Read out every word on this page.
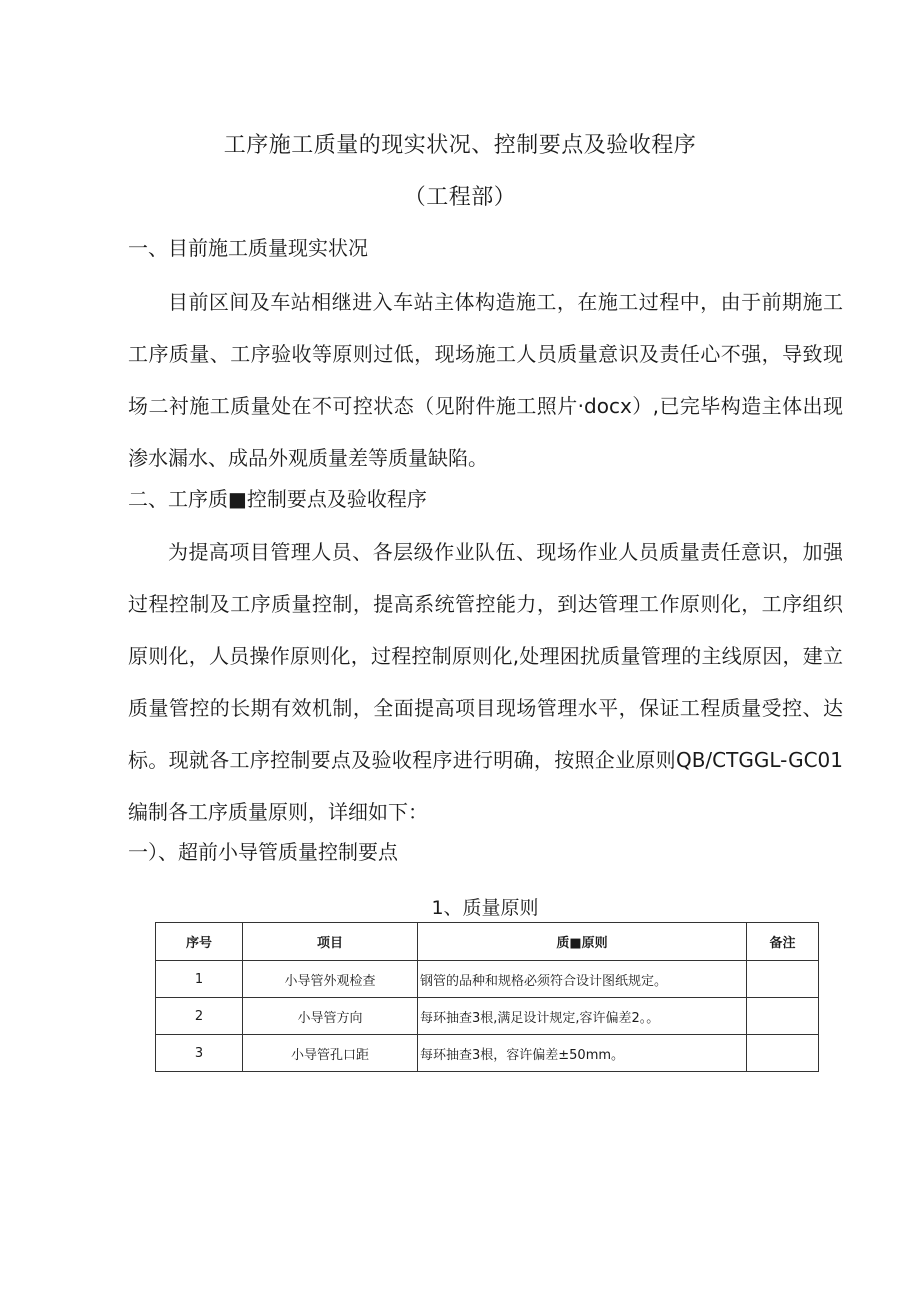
工序施工质量的现实状况、控制要点及验收程序
（工程部）
一、目前施工质量现实状况

目前区间及车站相继进入车站主体构造施工，在施工过程中，由于前期施工工序质量、工序验收等原则过低，现场施工人员质量意识及责任心不强，导致现场二衬施工质量处在不可控状态（见附件施工照片·docx）,已完毕构造主体出现渗水漏水、成品外观质量差等质量缺陷。

二、工序质■控制要点及验收程序

为提高项目管理人员、各层级作业队伍、现场作业人员质量责任意识，加强过程控制及工序质量控制，提高系统管控能力，到达管理工作原则化，工序组织原则化，人员操作原则化，过程控制原则化,处理困扰质量管理的主线原因，建立质量管控的长期有效机制，全面提高项目现场管理水平，保证工程质量受控、达标。现就各工序控制要点及验收程序进行明确，按照企业原则QB/CTGGL-GC01编制各工序质量原则，详细如下：

一）、超前小导管质量控制要点
1、质量原则
序号	项目	质■原则	备注
1	小导管外观检查	钢管的品种和规格必须符合设计图纸规定。	
2	小导管方向	每环抽查3根,满足设计规定,容许偏差2。。	
3	小导管孔口距	每环抽查3根，容许偏差±50mm。	
